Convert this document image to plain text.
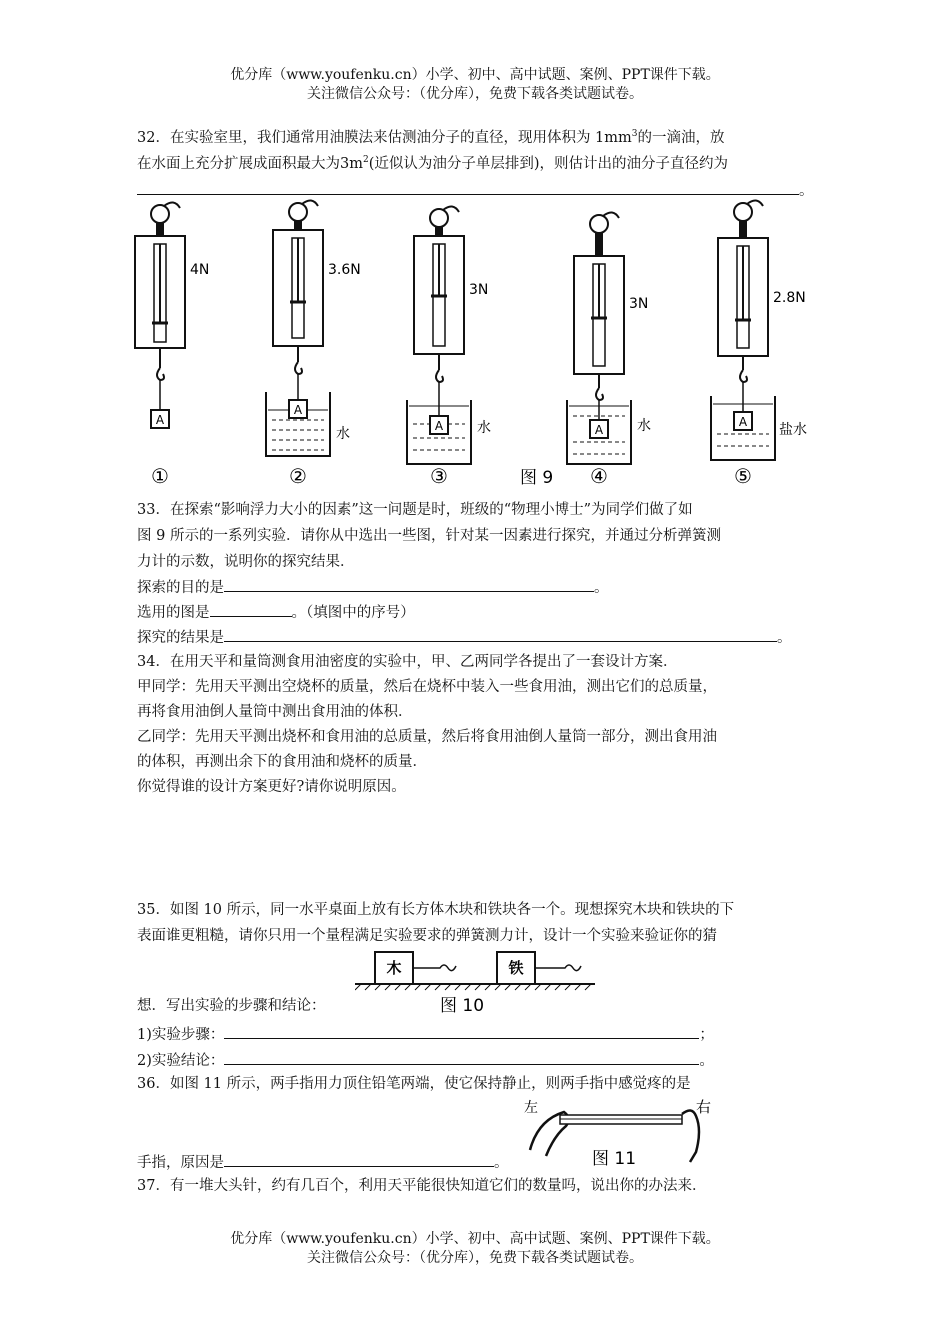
优分库（www.youfenku.cn）小学、初中、高中试题、案例、PPT课件下载。
关注微信公众号：（优分库），免费下载各类试题试卷。
32．在实验室里，我们通常用油膜法来估测油分子的直径，现用体积为 $1mm^3$的一滴油，放
在水面上充分扩展成面积最大为$3m^2$(近似认为油分子单层排到)，则估计出的油分子直径约为
。
A
4N
①
A
3.6N
水
②
A
3N
水
③	图 9
A
3N
水
④
A
2.8N
盐水
⑤
33．在探索“影响浮力大小的因素”这一问题是时，班级的“物理小博士”为同学们做了如
图 9 所示的一系列实验．请你从中选出一些图，针对某一因素进行探究，并通过分析弹簧测
力计的示数，说明你的探究结果．
探索的目的是	。
选用的图是	。（填图中的序号）
探究的结果是	。
34．在用天平和量筒测食用油密度的实验中，甲、乙两同学各提出了一套设计方案．
甲同学：先用天平测出空烧杯的质量，然后在烧杯中装入一些食用油，测出它们的总质量，
再将食用油倒人量筒中测出食用油的体积．
乙同学：先用天平测出烧杯和食用油的总质量，然后将食用油倒人量筒一部分，测出食用油
的体积，再测出余下的食用油和烧杯的质量．
你觉得谁的设计方案更好?请你说明原因。
35．如图 10 所示，同一水平桌面上放有长方体木块和铁块各一个。现想探究木块和铁块的下
表面谁更粗糙，请你只用一个量程满足实验要求的弹簧测力计，设计一个实验来验证你的猜
木	铁
图 10
想．写出实验的步骤和结论：
1)实验步骤：	；
2)实验结论：	。
36．如图 11 所示，两手指用力顶住铅笔两端，使它保持静止，则两手指中感觉疼的是
左	右
图 11
手指，原因是	。
37．有一堆大头针，约有几百个，利用天平能很快知道它们的数量吗，说出你的办法来．
优分库（www.youfenku.cn）小学、初中、高中试题、案例、PPT课件下载。
关注微信公众号：（优分库），免费下载各类试题试卷。
